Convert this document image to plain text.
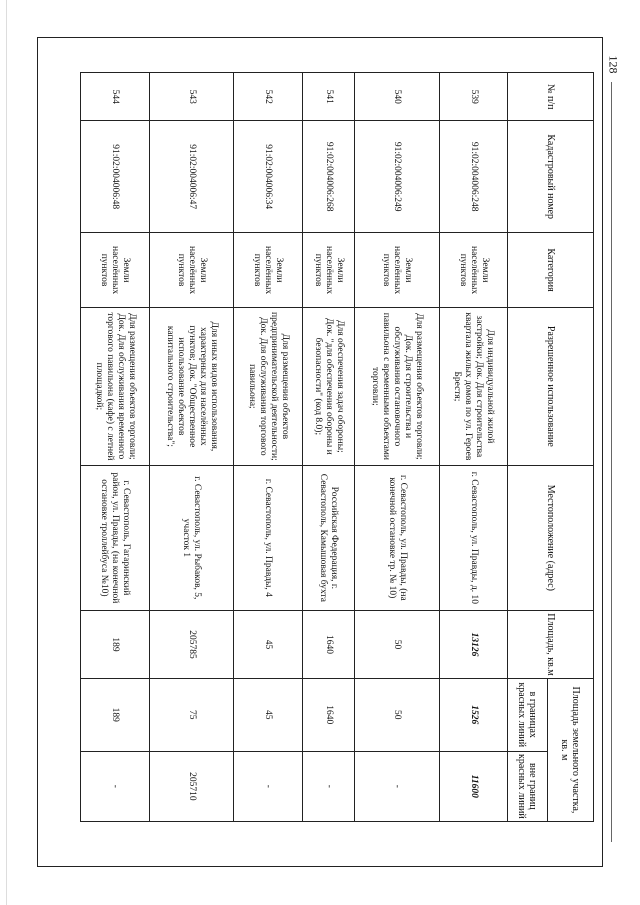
128
№ п/п	Кадастровый номер	Категория	Разрешенное использование	Местоположение (адрес)	Площадь, кв.м	Площадь земельного участка, кв. м	
						в границах красных линий	вне границ красных линий
539	91:02:004006:248	Земли населённых пунктов	Для индивидуальной жилой застройки; Док. Для строительства квартала жилых домов по ул. Героев Брестя;	г. Севастополь, ул. Правды, д. 10	13126	1526	11600
540	91:02:004006:249	Земли населённых пунктов	Для размещения объектов торговли; Док. Для строительства и обслуживания остановочного павильона с временными объектами торговли;	г. Севастополь, ул. Правды, (на конечной остановке тр. № 10)	50	50	-
541	91:02:004006:268	Земли населённых пунктов	Для обеспечения задач обороны; Док. "для обеспечения обороны и безопасности" (код 8.0);	Российская Федерация, г. Севастополь, Камышовая бухта	1640	1640	-
542	91:02:004006:34	Земли населённых пунктов	Для размещения объектов предпринимательской деятельности; Док. Для обслуживания торгового павильона;	г. Севастополь, ул. Правды, 4	45	45	-
543	91:02:004006:47	Земли населённых пунктов	Для иных видов использования, характерных для населённых пунктов; Док. "Общественное использование объектов капитального строительства";	г. Севастополь, ул. Рыбаков, 5, участок 1	205785	75	205710
544	91:02:004006:48	Земли населённых пунктов	Для размещения объектов торговли; Док. Для обслуживания временного торгового павильона (кафе) с летней площадкой;	г. Севастополь, Гагаринский район, ул. Правды, (на конечной остановке троллейбуса №10)	189	189	-
